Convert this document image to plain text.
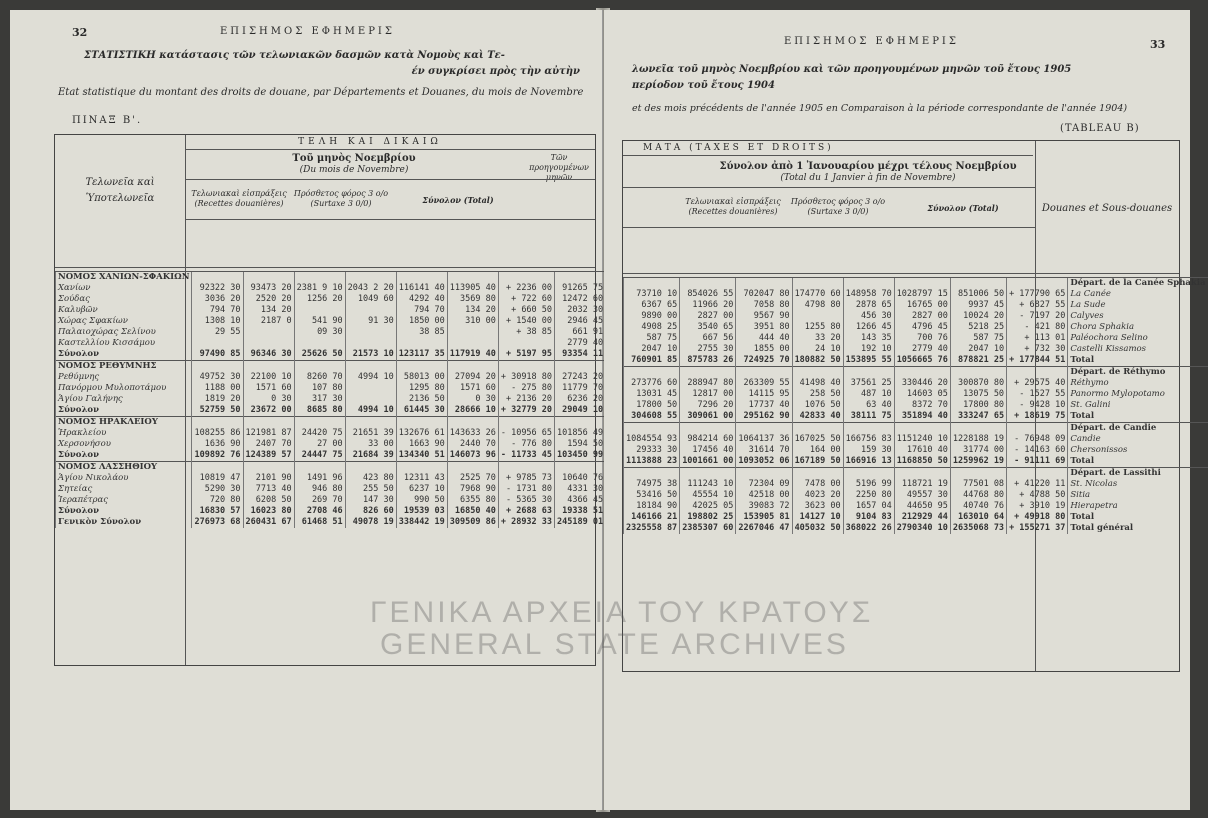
32	ΕΠΙΣΗΜΟΣ ΕΦΗΜΕΡΙΣ
ΣΤΑΤΙΣΤΙΚΗ κατάστασις τῶν τελωνιακῶν δασμῶν κατὰ Νομοὺς καὶ Τε-
έν συγκρίσει πρὸς τὴν αὐτὴν
Etat statistique du montant des droits de douane, par Départements et Douanes, du mois de Novembre
ΠΙΝΑΞ Β'.
ΤΕΛΗ ΚΑΙ ΔΙΚΑΙΩ
Τελωνεῖα καὶ Ὑποτελωνεῖα
Τοῦ μηνὸς Νοεμβρίου
(Du mois de Novembre)
Τῶν προηγουμένων μηνῶν
Τελωνιακαὶ εἰσπράξεις (Recettes douanières)
Πρόσθετος φόρος 3 ο/ο (Surtaxe 3 0/0)	Σύνολον (Total)
ΝΟΜΟΣ ΧΑΝΙΩΝ-ΣΦΑΚΙΩΝ								
Χανίων	92322 30	93473 20	2381 9 10	2043 2 20	116141 40	113905 40	+ 2236 00	91265 75
Σούδας	3036 20	2520 20	1256 20	1049 60	4292 40	3569 80	+ 722 60	12472 60
Καλυβῶν	794 70	134 20			794 70	134 20	+ 660 50	2032 30
Χώρας Σφακίων	1308 10	2187 0	541 90	91 30	1850 00	310 00	+ 1540 00	2946 45
Παλαιοχώρας Σελίνου	29 55		09 30		38 85		+ 38 85	661 91
Καστελλίου Κισσάμου								2779 40
Σύνολον	97490 85	96346 30	25626 50	21573 10	123117 35	117919 40	+ 5197 95	93354 11
ΝΟΜΟΣ ΡΕΘΥΜΝΗΣ								
Ρεθύμνης	49752 30	22100 10	8260 70	4994 10	58013 00	27094 20	+ 30918 80	27243 20
Πανόρμου Μυλοποτάμου	1188 00	1571 60	107 80		1295 80	1571 60	- 275 80	11779 70
Ἁγίου Γαλήνης	1819 20	0 30	317 30		2136 50	0 30	+ 2136 20	6236 20
Σύνολον	52759 50	23672 00	8685 80	4994 10	61445 30	28666 10	+ 32779 20	29049 10
ΝΟΜΟΣ ΗΡΑΚΛΕΙΟΥ								
Ἡρακλείου	108255 86	121981 87	24420 75	21651 39	132676 61	143633 26	- 10956 65	101856 49
Χερσονήσου	1636 90	2407 70	27 00	33 00	1663 90	2440 70	- 776 80	1594 50
Σύνολον	109892 76	124389 57	24447 75	21684 39	134340 51	146073 96	- 11733 45	103450 99
ΝΟΜΟΣ ΛΑΣΣΗΘΙΟΥ								
Ἁγίου Νικολάου	10819 47	2101 90	1491 96	423 80	12311 43	2525 70	+ 9785 73	10640 76
Σητείας	5290 30	7713 40	946 80	255 50	6237 10	7968 90	- 1731 80	4331 30
Ἱεραπέτρας	720 80	6208 50	269 70	147 30	990 50	6355 80	- 5365 30	4366 45
Σύνολον	16830 57	16023 80	2708 46	826 60	19539 03	16850 40	+ 2688 63	19338 51
Γενικὸν Σύνολον	276973 68	260431 67	61468 51	49078 19	338442 19	309509 86	+ 28932 33	245189 01
ΕΠΙΣΗΜΟΣ ΕΦΗΜΕΡΙΣ	33
λωνεῖα τοῦ μηνὸς Νοεμβρίου καὶ τῶν προηγουμένων μηνῶν τοῦ ἔτους 1905
περίοδον τοῦ ἔτους 1904
et des mois précédents de l'année 1905 en Comparaison à la période correspondante de l'année 1904)
(TABLEAU B)
ΜΑΤΑ (TAXES ET DROITS)
Σύνολον ἀπὸ 1 Ἰανουαρίου μέχρι τέλους Νοεμβρίου
(Total du 1 Janvier à fin de Novembre)
Douanes et Sous-douanes
Τελωνιακαὶ εἰσπράξεις (Recettes douanières)
Πρόσθετος φόρος 3 ο/ο (Surtaxe 3 0/0)	Σύνολον (Total)
								Départ. de la Canée Sphakia
73710 10	854026 55	702047 80	174770 60	148958 70	1028797 15	851006 50	+ 177790 65	La Canée
6367 65	11966 20	7058 80	4798 80	2878 65	16765 00	9937 45	+ 6827 55	La Sude
9890 00	2827 00	9567 90		456 30	2827 00	10024 20	- 7197 20	Calyves
4908 25	3540 65	3951 80	1255 80	1266 45	4796 45	5218 25	- 421 80	Chora Sphakia
587 75	667 56	444 40	33 20	143 35	700 76	587 75	+ 113 01	Paléochora Selino
2047 10	2755 30	1855 00	24 10	192 10	2779 40	2047 10	+ 732 30	Castelli Kissamos
760901 85	875783 26	724925 70	180882 50	153895 55	1056665 76	878821 25	+ 177844 51	Total
								Départ. de Réthymo
273776 60	288947 80	263309 55	41498 40	37561 25	330446 20	300870 80	+ 29575 40	Réthymo
13031 45	12817 00	14115 95	258 50	487 10	14603 05	13075 50	- 1527 55	Panormo Mylopotamo
17800 50	7296 20	17737 40	1076 50	63 40	8372 70	17800 80	- 9428 10	St. Galini
304608 55	309061 00	295162 90	42833 40	38111 75	351894 40	333247 65	+ 18619 75	Total
								Départ. de Candie
1084554 93	984214 60	1064137 36	167025 50	166756 83	1151240 10	1228188 19	- 76948 09	Candie
29333 30	17456 40	31614 70	164 00	159 30	17610 40	31774 00	- 14163 60	Chersonissos
1113888 23	1001661 00	1093052 06	167189 50	166916 13	1168850 50	1259962 19	- 91111 69	Total
								Départ. de Lassithi
74975 38	111243 10	72304 09	7478 00	5196 99	118721 19	77501 08	+ 41220 11	St. Nicolas
53416 50	45554 10	42518 00	4023 20	2250 80	49557 30	44768 80	+ 4788 50	Sitia
18184 90	42025 05	39083 72	3623 00	1657 04	44650 95	40740 76	+ 3910 19	Hierapetra
146166 21	198802 25	153905 81	14127 10	9104 83	212929 44	163010 64	+ 49918 80	Total
2325558 87	2385307 60	2267046 47	405032 50	368022 26	2790340 10	2635068 73	+ 155271 37	Total général
ΓΕΝΙΚΑ ΑΡΧΕΙΑ ΤΟΥ ΚΡΑΤΟΥΣ
GENERAL STATE ARCHIVES
